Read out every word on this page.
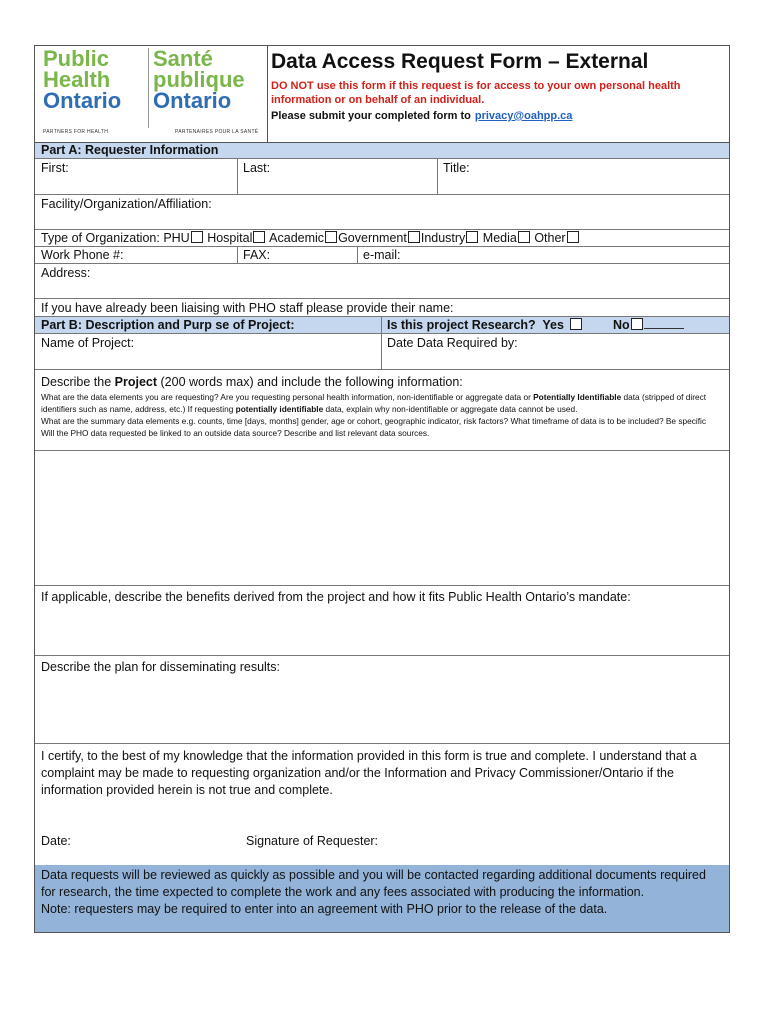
Public
Health
Ontario
PARTNERS FOR HEALTH
Santé
publique
Ontario
PARTENAIRES POUR LA SANTÉ
Data Access Request Form – External
DO NOT use this form if this request is for access to your own personal health information or on behalf of an individual.
Please submit your completed form to privacy@oahpp.ca
Part A: Requester Information
First:	Last:	Title:
Facility/Organization/Affiliation:
Type of Organization: PHU Hospital Academic Government Industry Media Other
Work Phone #:	FAX:	e-mail:
Address:
If you have already been liaising with PHO staff please provide their name:
Part B: Description and Purp se of Project:	Is this project Research? Yes	No
Name of Project:	Date Data Required by:
Describe the Project (200 words max) and include the following information:
What are the data elements you are requesting? Are you requesting personal health information, non-identifiable or aggregate data or Potentially Identifiable data (stripped of direct identifiers such as name, address, etc.) If requesting potentially identifiable data, explain why non-identifiable or aggregate data cannot be used.
What are the summary data elements e.g. counts, time [days, months] gender, age or cohort, geographic indicator, risk factors? What timeframe of data is to be included? Be specific
Will the PHO data requested be linked to an outside data source? Describe and list relevant data sources.
If applicable, describe the benefits derived from the project and how it fits Public Health Ontario’s mandate:
Describe the plan for disseminating results:
I certify, to the best of my knowledge that the information provided in this form is true and complete. I understand that a complaint may be made to requesting organization and/or the Information and Privacy Commissioner/Ontario if the information provided herein is not true and complete.
Date:	Signature of Requester:
Data requests will be reviewed as quickly as possible and you will be contacted regarding additional documents required for research, the time expected to complete the work and any fees associated with producing the information.
Note: requesters may be required to enter into an agreement with PHO prior to the release of the data.
